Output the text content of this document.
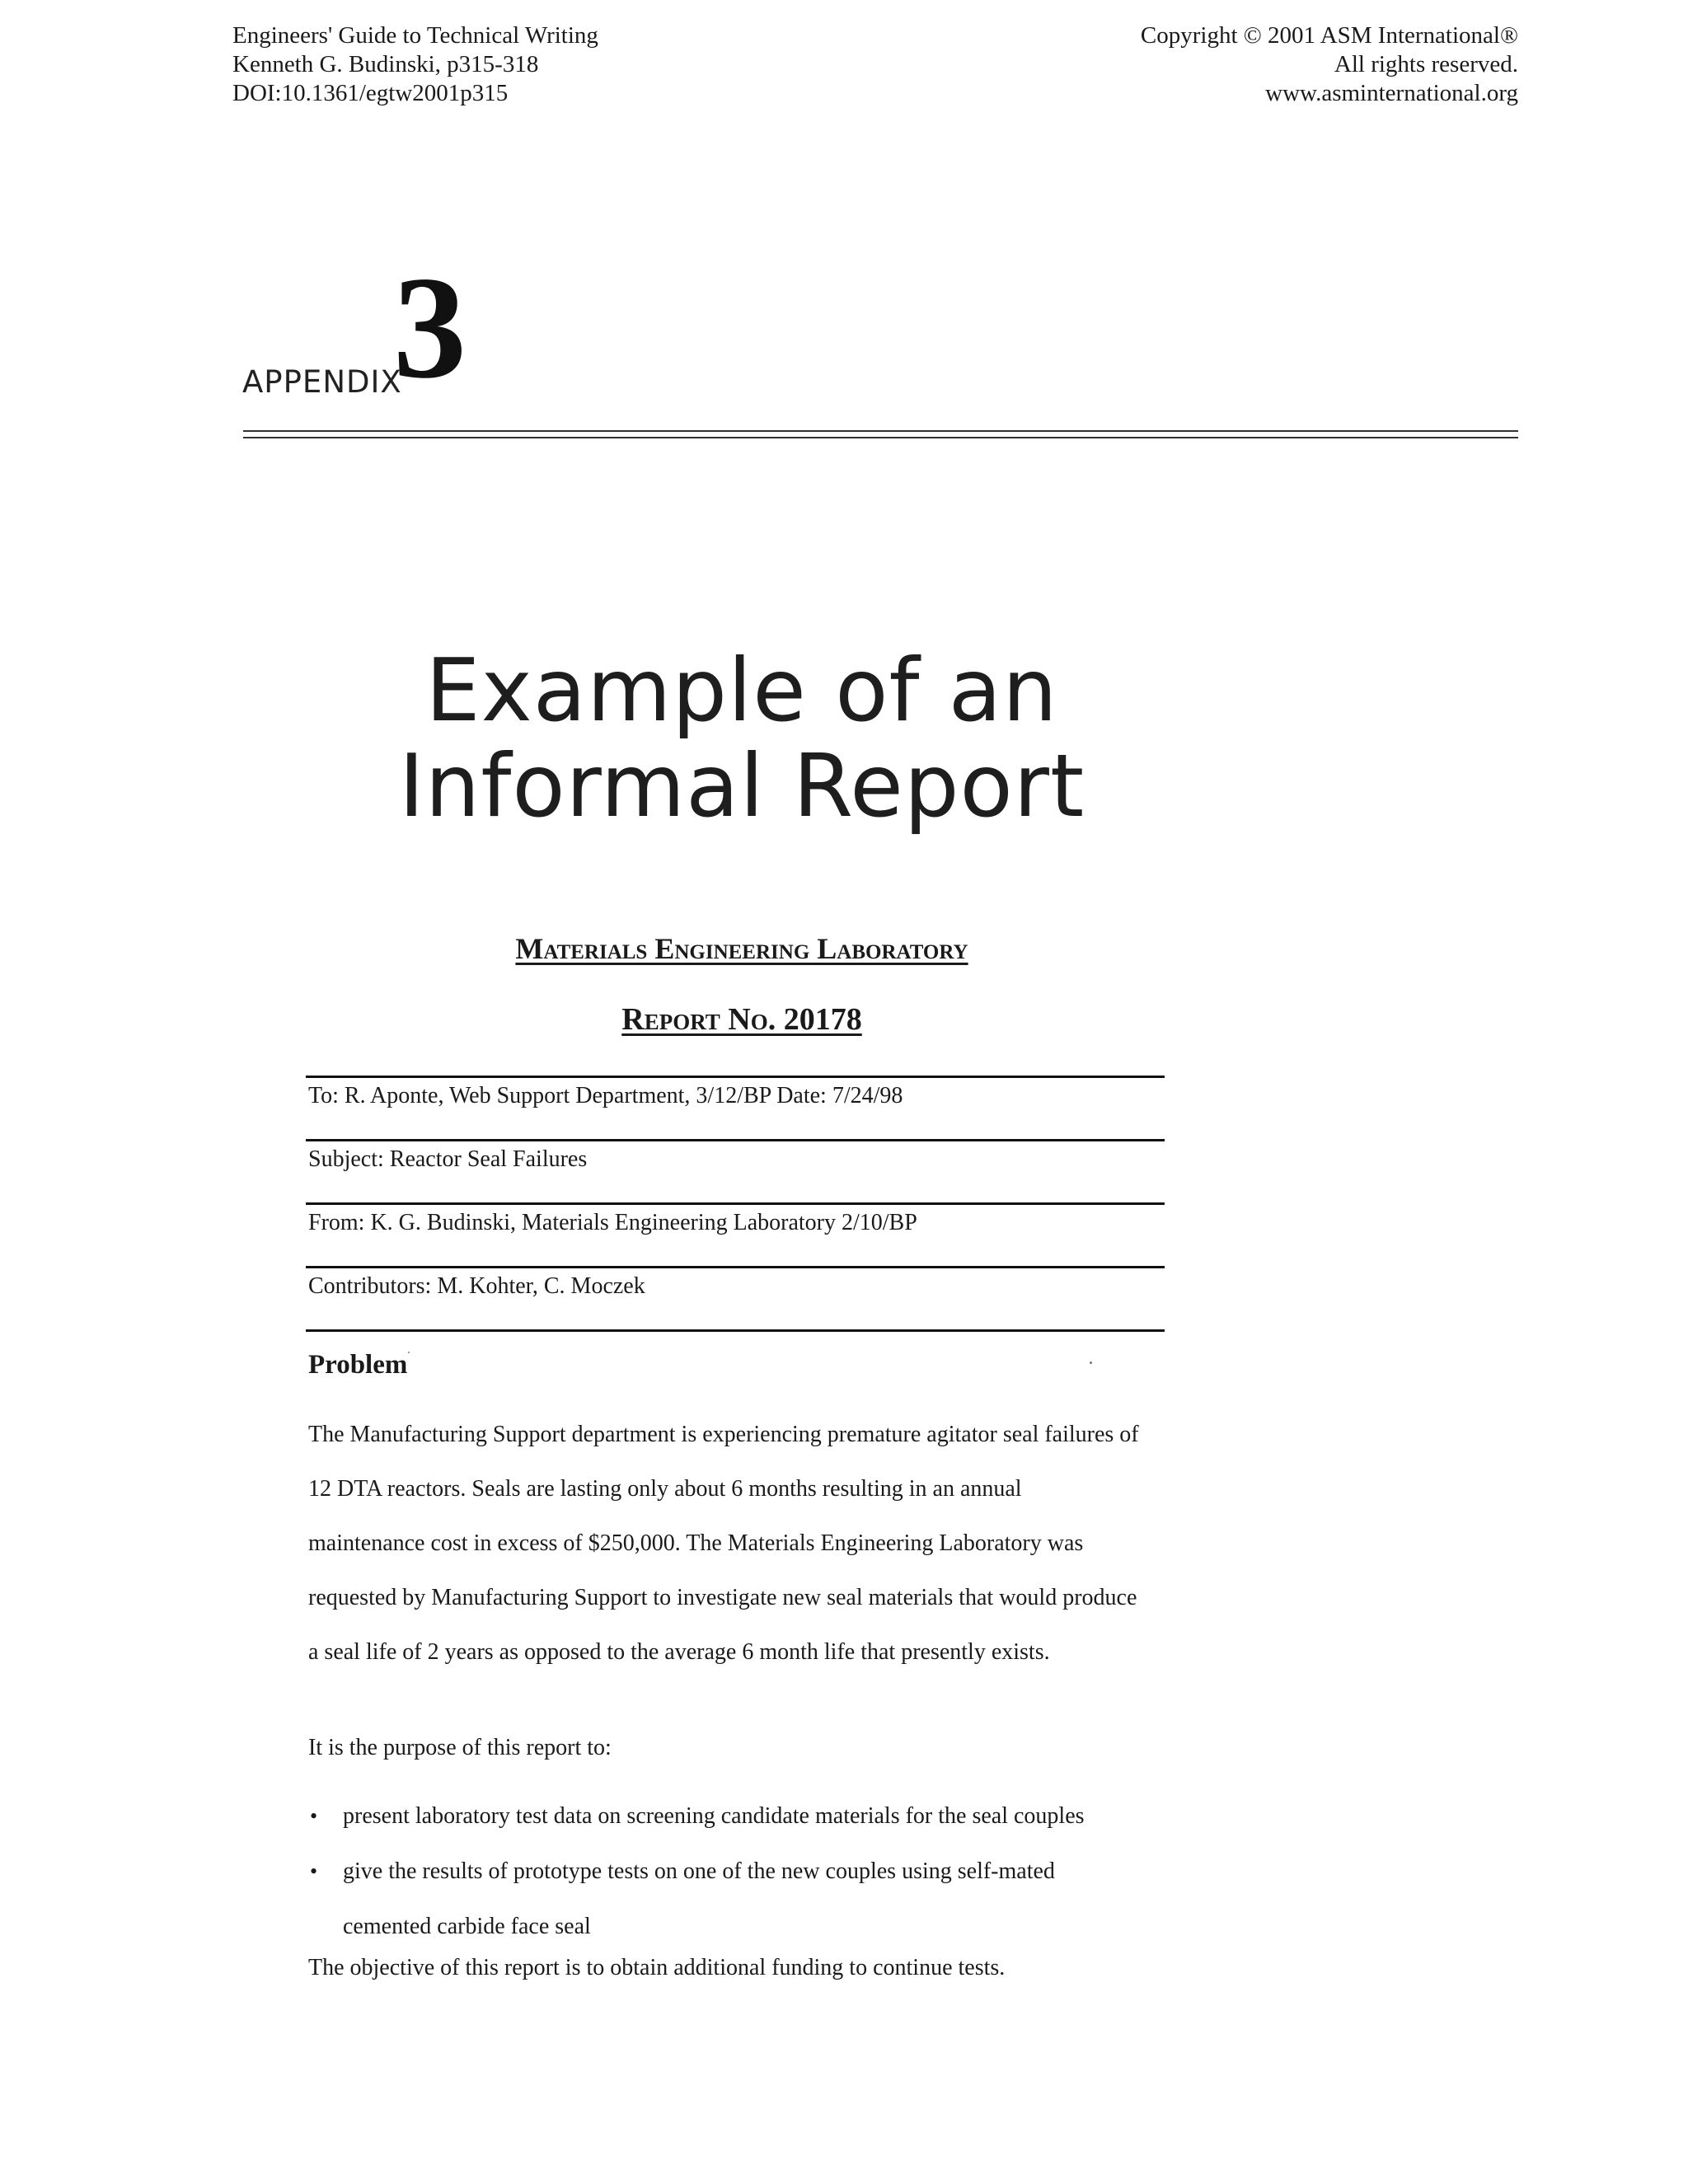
Engineers' Guide to Technical Writing
Kenneth G. Budinski, p315-318
DOI:10.1361/egtw2001p315
Copyright © 2001 ASM International®
All rights reserved.
www.asminternational.org
APPENDIX
3
Example of an
Informal Report
Materials Engineering Laboratory
Report No. 20178
To: R. Aponte, Web Support Department, 3/12/BP Date: 7/24/98
Subject: Reactor Seal Failures
From: K. G. Budinski, Materials Engineering Laboratory 2/10/BP
Contributors: M. Kohter, C. Moczek
Problem
The Manufacturing Support department is experiencing premature agitator seal failures of
12 DTA reactors. Seals are lasting only about 6 months resulting in an annual
maintenance cost in excess of $250,000. The Materials Engineering Laboratory was
requested by Manufacturing Support to investigate new seal materials that would produce
a seal life of 2 years as opposed to the average 6 month life that presently exists.
It is the purpose of this report to:
• present laboratory test data on screening candidate materials for the seal couples
• give the results of prototype tests on one of the new couples using self-mated
cemented carbide face seal
The objective of this report is to obtain additional funding to continue tests.
